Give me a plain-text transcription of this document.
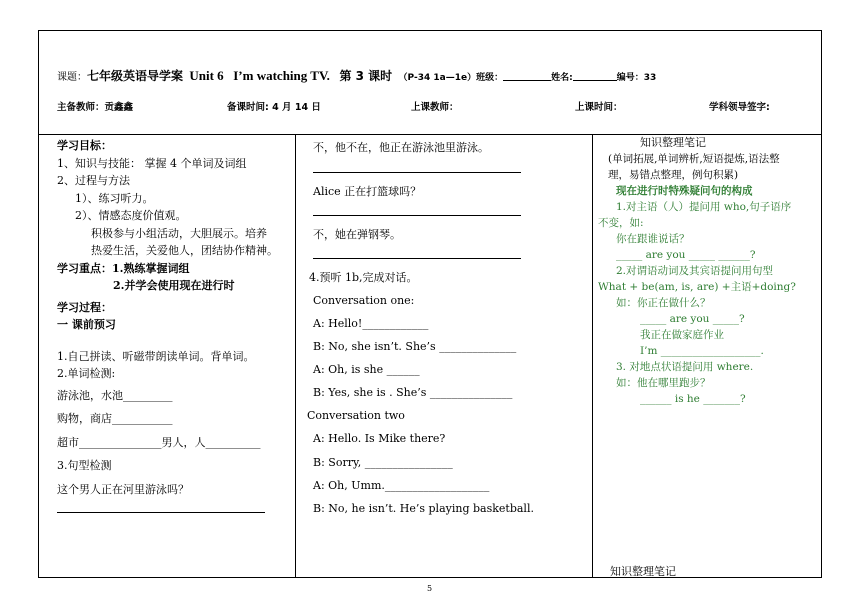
课题：七年级英语导学案 Unit 6 I’m watching TV. 第 3 课时 （P-34 1a—1e）班级：	姓名:	编号：33
主备教师：贡鑫鑫	备课时间: 4 月 14 日	上课教师：	上课时间：	学科领导签字:

学习目标：

1、知识与技能： 掌握 4 个单词及词组

2、过程与方法

1）、练习听力。

2）、情感态度价值观。

积极参与小组活动，大胆展示。培养

热爱生活，关爱他人，团结协作精神。

学习重点：1.熟练掌握词组

2.并学会使用现在进行时

学习过程：

一 课前预习

1.自己拼读、听磁带朗读单词。背单词。

2.单词检测:

游泳池，水池_________

购物，商店___________

超市_______________男人，人__________

3.句型检测

这个男人正在河里游泳吗？

不，他不在，他正在游泳池里游泳。

Alice 正在打篮球吗？

不，她在弹钢琴。

4.预听 1b,完成对话。

Conversation one:

A: Hello!____________

B: No, she isn’t. She’s ______________

A: Oh, is she ______

B: Yes, she is . She’s _______________

Conversation two

A: Hello. Is Mike there?

B: Sorry, ________________

A: Oh, Umm.___________________

B: No, he isn’t. He’s playing basketball.

知识整理笔记

(单词拓展,单词辨析,短语提炼,语法整

理，易错点整理，例句积累)

现在进行时特殊疑问句的构成

1.对主语（人）提问用 who,句子语序

不变，如:

你在跟谁说话？

_____ are you _____ ______?

2.对谓语动词及其宾语提问用句型

What + be(am, is, are) +主语+doing?

如：你正在做什么？

_____ are you _____?

我正在做家庭作业

I’m ___________________.

3. 对地点状语提问用 where.

如：他在哪里跑步？

______ is he _______?

知识整理笔记
5
